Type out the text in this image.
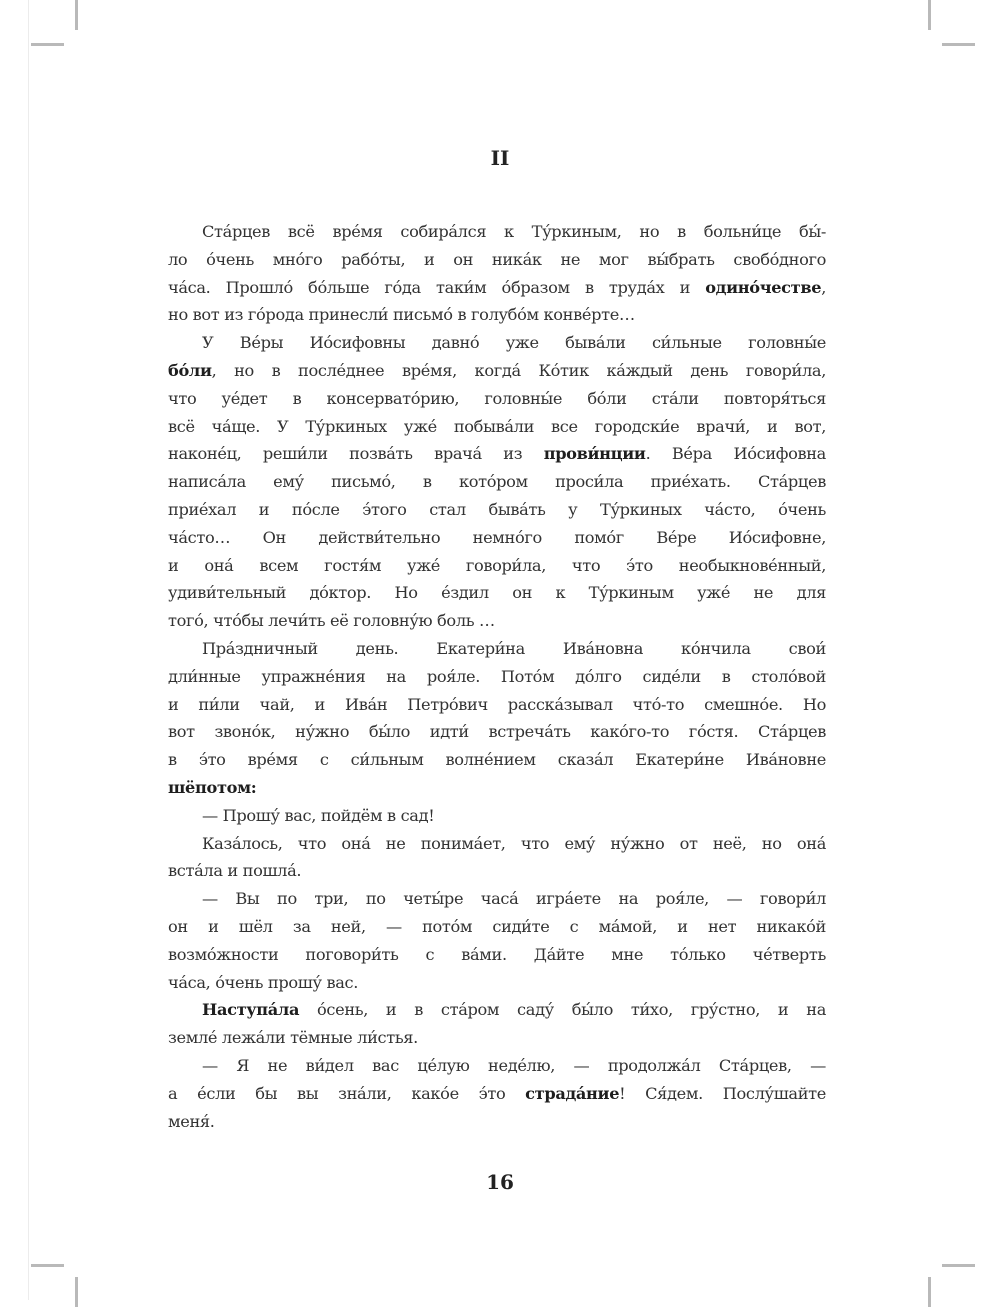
II
Ста́рцев всё вре́мя собира́лся к Ту́ркиным, но в больни́це бы́-
ло о́чень мно́го рабо́ты, и он ника́к не мог вы́брать свобо́дного
ча́са. Прошло́ бо́льше го́да таки́м о́бразом в труда́х и одино́честве,
но вот из го́рода принесли́ письмо́ в голубо́м конве́рте…
У Ве́ры Ио́сифовны давно́ уже быва́ли си́льные головны́е
бо́ли, но в после́днее вре́мя, когда́ Ко́тик ка́ждый день говори́ла,
что уе́дет в консервато́рию, головны́е бо́ли ста́ли повторя́ться
всё ча́ще. У Ту́ркиных уже́ побыва́ли все городски́е врачи́, и вот,
наконе́ц, реши́ли позва́ть врача́ из прови́нции. Ве́ра Ио́сифовна
написа́ла ему́ письмо́, в кото́ром проси́ла прие́хать. Ста́рцев
прие́хал и по́сле э́того стал быва́ть у Ту́ркиных ча́сто, о́чень
ча́сто… Он действи́тельно немно́го помо́г Ве́ре Ио́сифовне,
и она́ всем гостя́м уже́ говори́ла, что э́то необыкнове́нный,
удиви́тельный до́ктор. Но е́здил он к Ту́ркиным уже́ не для
того́, что́бы лечи́ть её головну́ю боль …
Пра́здничный день. Екатери́на Ива́новна ко́нчила свои́
дли́нные упражне́ния на роя́ле. Пото́м до́лго сиде́ли в столо́вой
и пи́ли чай, и Ива́н Петро́вич расска́зывал что́-то смешно́е. Но
вот звоно́к, ну́жно бы́ло идти́ встреча́ть како́го-то го́стя. Ста́рцев
в э́то вре́мя с си́льным волне́нием сказа́л Екатери́не Ива́новне
шёпотом:
— Прошу́ вас, пойдём в сад!
Каза́лось, что она́ не понима́ет, что ему́ ну́жно от неё, но она́
вста́ла и пошла́.
— Вы по три, по четы́ре часа́ игра́ете на роя́ле, — говори́л
он и шёл за ней, — пото́м сиди́те с ма́мой, и нет никако́й
возмо́жности поговори́ть с ва́ми. Да́йте мне то́лько че́тверть
ча́са, о́чень прошу́ вас.
Наступа́ла о́сень, и в ста́ром саду́ бы́ло ти́хо, гру́стно, и на
земле́ лежа́ли тёмные ли́стья.
— Я не ви́дел вас це́лую неде́лю, — продолжа́л Ста́рцев, —
а е́сли бы вы зна́ли, како́е э́то страда́ние! Ся́дем. Послу́шайте
меня́.
16
